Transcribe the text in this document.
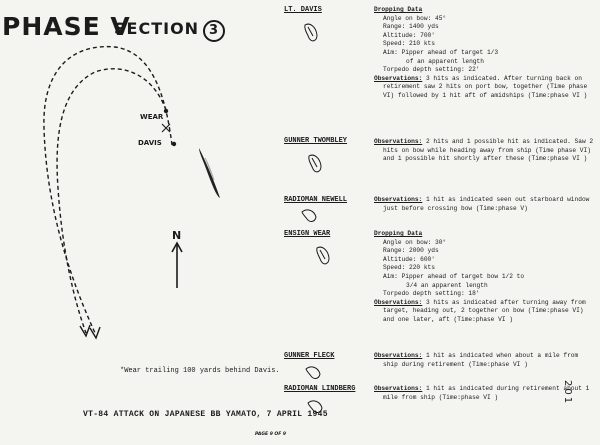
PHASE V
SECTION 3
WEAR
DAVIS
N
*Wear trailing 100 yards behind Davis.
VT-84 ATTACK ON JAPANESE BB YAMATO, 7 APRIL 1945
PAGE 9 OF 9
201
LT. DAVIS
GUNNER TWOMBLEY
RADIOMAN NEWELL
ENSIGN WEAR
GUNNER FLECK
RADIOMAN LINDBERG
Dropping Data
Angle on bow: 45°
Range: 1400 yds
Altitude: 700'
Speed: 210 kts
Aim: Pipper ahead of target 1/3
of an apparent length
Torpedo depth setting: 22'
Observations: 3 hits as indicated. After turning back on retirement saw 2 hits on port bow, together (Time phase VI) followed by 1 hit aft of amidships (Time:phase VI )
Observations: 2 hits and 1 possible hit as indicated. Saw 2 hits on bow while heading away from ship (Time phase VI) and 1 possible hit shortly after these (Time:phase VI )
Observations: 1 hit as indicated seen out starboard window just before crossing bow (Time:phase V)
Dropping Data
Angle on bow: 30°
Range: 2000 yds
Altitude: 600'
Speed: 220 kts
Aim: Pipper ahead of target bow 1/2 to
3/4 an apparent length
Torpedo depth setting: 18'
Observations: 3 hits as indicated after turning away from target, heading out, 2 together on bow (Time:phase VI) and one later, aft (Time:phase VI )
Observations: 1 hit as indicated when about a mile from ship during retirement (Time:phase VI )
Observations: 1 hit as indicated during retirement about 1 mile from ship (Time:phase VI )
